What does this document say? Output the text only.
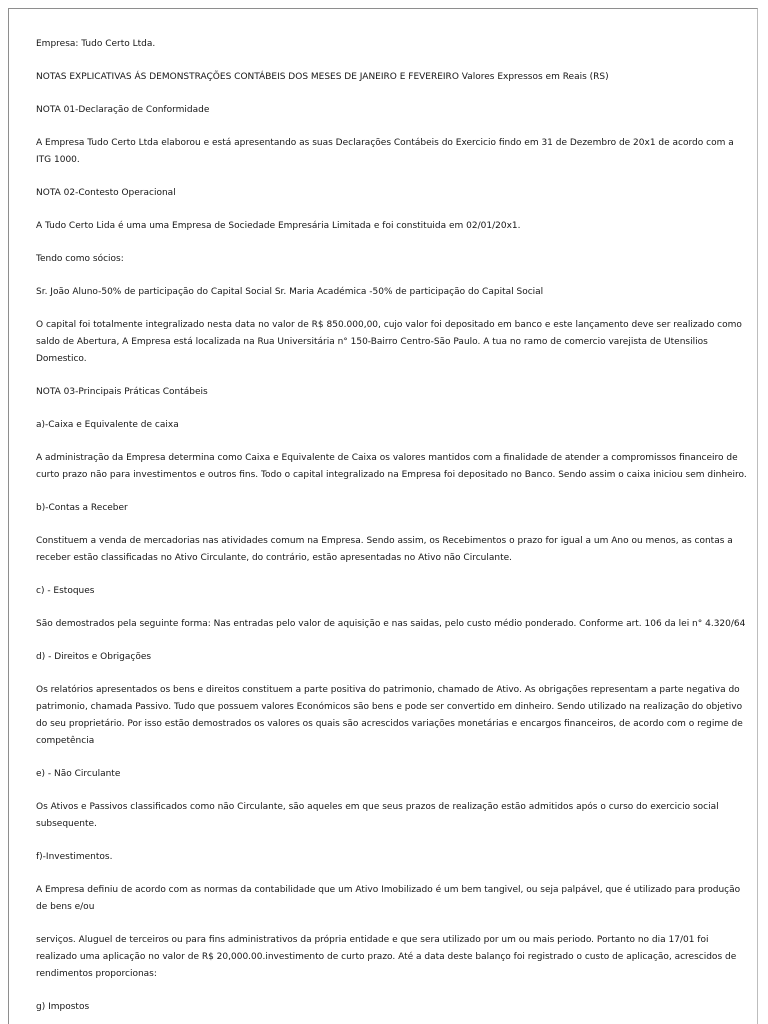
Empresa: Tudo Certo Ltda.

NOTAS EXPLICATIVAS ÁS DEMONSTRAÇÕES CONTÁBEIS DOS MESES DE JANEIRO E FEVEREIRO Valores Expressos em Reais (RS)

NOTA 01-Declaração de Conformidade

A Empresa Tudo Certo Ltda elaborou e está apresentando as suas Declarações Contábeis do Exercicio findo em 31 de Dezembro de 20x1 de acordo com a ITG 1000.

NOTA 02-Contesto Operacional

A Tudo Certo Lida é uma uma Empresa de Sociedade Empresária Limitada e foi constituida em 02/01/20x1.

Tendo como sócios:

Sr. João Aluno-50% de participação do Capital Social Sr. Maria Académica -50% de participação do Capital Social

O capital foi totalmente integralizado nesta data no valor de R$ 850.000,00, cujo valor foi depositado em banco e este lançamento deve ser realizado como saldo de Abertura, A Empresa está localizada na Rua Universitária n° 150-Bairro Centro-São Paulo. A tua no ramo de comercio varejista de Utensilios Domestico.

NOTA 03-Principais Práticas Contábeis

a)-Caixa e Equivalente de caixa

A administração da Empresa determina como Caixa e Equivalente de Caixa os valores mantidos com a finalidade de atender a compromissos financeiro de curto prazo não para investimentos e outros fins. Todo o capital integralizado na Empresa foi depositado no Banco. Sendo assim o caixa iniciou sem dinheiro.

b)-Contas a Receber

Constituem a venda de mercadorias nas atividades comum na Empresa. Sendo assim, os Recebimentos o prazo for igual a um Ano ou menos, as contas a receber estão classificadas no Ativo Circulante, do contrário, estão apresentadas no Ativo não Circulante.

c) - Estoques

São demostrados pela seguinte forma: Nas entradas pelo valor de aquisição e nas saidas, pelo custo médio ponderado. Conforme art. 106 da lei n° 4.320/64

d) - Direitos e Obrigações

Os relatórios apresentados os bens e direitos constituem a parte positiva do patrimonio, chamado de Ativo. As obrigações representam a parte negativa do patrimonio, chamada Passivo. Tudo que possuem valores Económicos são bens e pode ser convertido em dinheiro. Sendo utilizado na realização do objetivo do seu proprietário. Por isso estão demostrados os valores os quais são acrescidos variações monetárias e encargos financeiros, de acordo com o regime de competência

e) - Não Circulante

Os Ativos e Passivos classificados como não Circulante, são aqueles em que seus prazos de realização estão admitidos após o curso do exercicio social subsequente.

f)-Investimentos.

A Empresa definiu de acordo com as normas da contabilidade que um Ativo Imobilizado é um bem tangivel, ou seja palpável, que é utilizado para produção de bens e/ou

serviços. Aluguel de terceiros ou para fins administrativos da própria entidade e que sera utilizado por um ou mais periodo. Portanto no dia 17/01 foi realizado uma aplicação no valor de R$ 20,000.00.investimento de curto prazo. Até a data deste balanço foi registrado o custo de aplicação, acrescidos de rendimentos proporcionas:

g) Impostos
